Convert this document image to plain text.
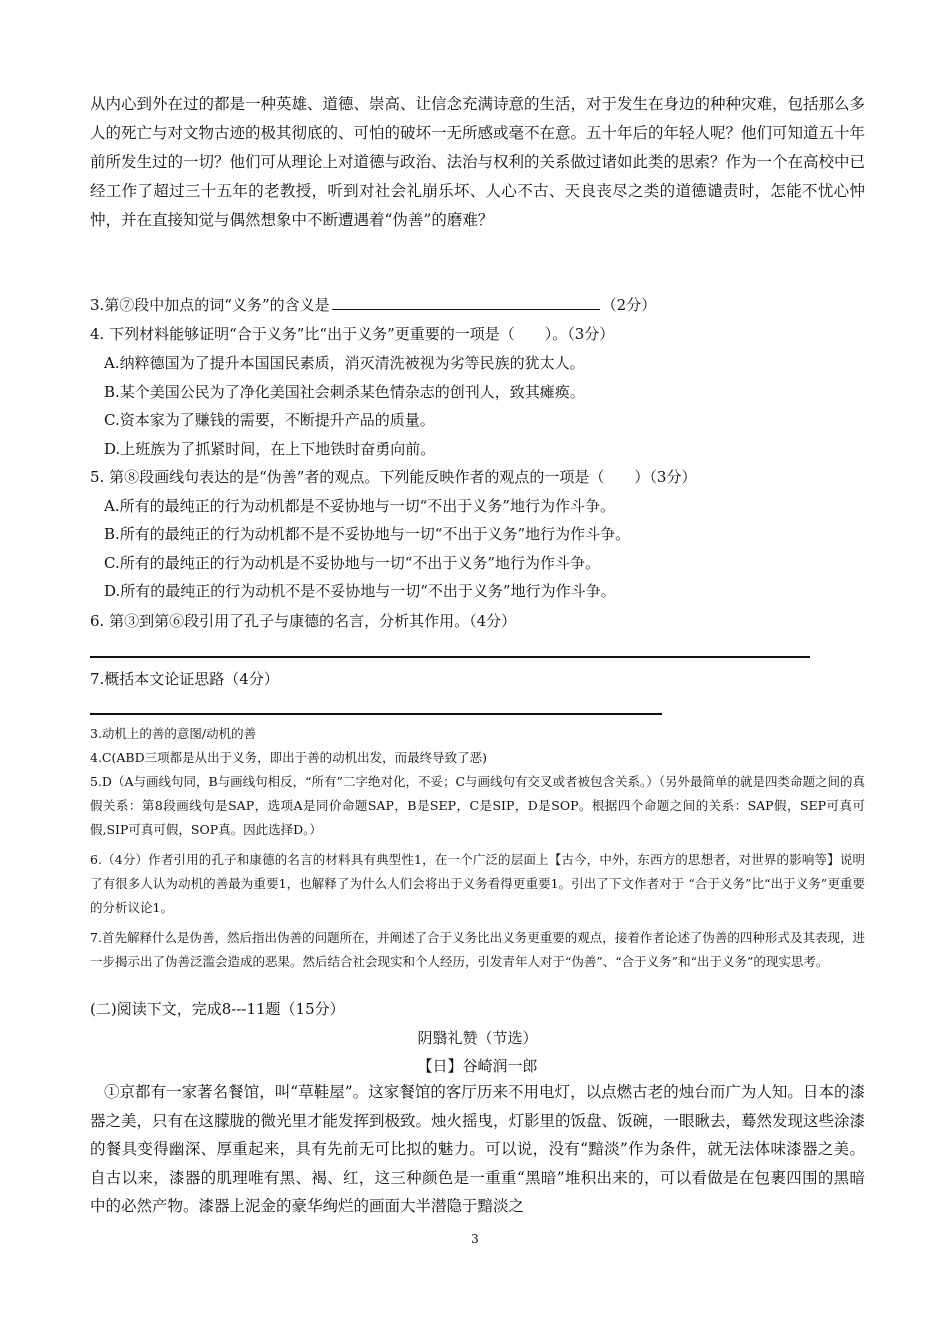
从内心到外在过的都是一种英雄、道德、崇高、让信念充满诗意的生活，对于发生在身边的种种灾难，包括那么多人的死亡与对文物古迹的极其彻底的、可怕的破坏一无所感或毫不在意。五十年后的年轻人呢？他们可知道五十年前所发生过的一切？他们可从理论上对道德与政治、法治与权利的关系做过诸如此类的思索？作为一个在高校中已经工作了超过三十五年的老教授，听到对社会礼崩乐坏、人心不古、天良丧尽之类的道德谴责时，怎能不忧心忡忡，并在直接知觉与偶然想象中不断遭遇着“伪善”的磨难？
3.第⑦段中加点的词“义务”的含义是	（2分）
4. 下列材料能够证明“合于义务”比“出于义务”更重要的一项是（　　）。（3分）
A.纳粹德国为了提升本国国民素质，消灭清洗被视为劣等民族的犹太人。
B.某个美国公民为了净化美国社会刺杀某色情杂志的创刊人，致其瘫痪。
C.资本家为了赚钱的需要，不断提升产品的质量。
D.上班族为了抓紧时间，在上下地铁时奋勇向前。
5. 第⑧段画线句表达的是“伪善”者的观点。下列能反映作者的观点的一项是（　　）（3分）
A.所有的最纯正的行为动机都是不妥协地与一切“不出于义务”地行为作斗争。
B.所有的最纯正的行为动机都不是不妥协地与一切“不出于义务”地行为作斗争。
C.所有的最纯正的行为动机是不妥协地与一切“不出于义务”地行为作斗争。
D.所有的最纯正的行为动机不是不妥协地与一切“不出于义务”地行为作斗争。
6. 第③到第⑥段引用了孔子与康德的名言，分析其作用。（4分）
7.概括本文论证思路（4分）
3.动机上的善的意图/动机的善
4.C(ABD三项都是从出于义务，即出于善的动机出发，而最终导致了恶)
5.D（A与画线句同，B与画线句相反，“所有”二字绝对化，不妥；C与画线句有交叉或者被包含关系。）（另外最简单的就是四类命题之间的真假关系：第8段画线句是SAP，选项A是同价命题SAP，B是SEP，C是SIP，D是SOP。根据四个命题之间的关系：SAP假，SEP可真可假,SIP可真可假，SOP真。因此选择D。）
6.（4分）作者引用的孔子和康德的名言的材料具有典型性1，在一个广泛的层面上【古今，中外，东西方的思想者，对世界的影响等】说明了有很多人认为动机的善最为重要1，也解释了为什么人们会将出于义务看得更重要1。引出了下文作者对于 “合于义务”比“出于义务”更重要的分析议论1。
7.首先解释什么是伪善，然后指出伪善的问题所在，并阐述了合于义务比出义务更重要的观点，接着作者论述了伪善的四种形式及其表现，进一步揭示出了伪善泛滥会造成的恶果。然后结合社会现实和个人经历，引发青年人对于“伪善”、“合于义务”和“出于义务”的现实思考。
(二)阅读下文，完成8---11题（15分）
阴翳礼赞（节选）
【日】谷崎润一郎
①京都有一家著名餐馆，叫“草鞋屋”。这家餐馆的客厅历来不用电灯，以点燃古老的烛台而广为人知。日本的漆器之美，只有在这朦胧的微光里才能发挥到极致。烛火摇曳，灯影里的饭盘、饭碗，一眼瞅去，蓦然发现这些涂漆的餐具变得幽深、厚重起来，具有先前无可比拟的魅力。可以说，没有“黯淡”作为条件，就无法体味漆器之美。自古以来，漆器的肌理唯有黑、褐、红，这三种颜色是一重重“黑暗”堆积出来的，可以看做是在包裹四围的黑暗中的必然产物。漆器上泥金的豪华绚烂的画面大半潜隐于黯淡之
3
